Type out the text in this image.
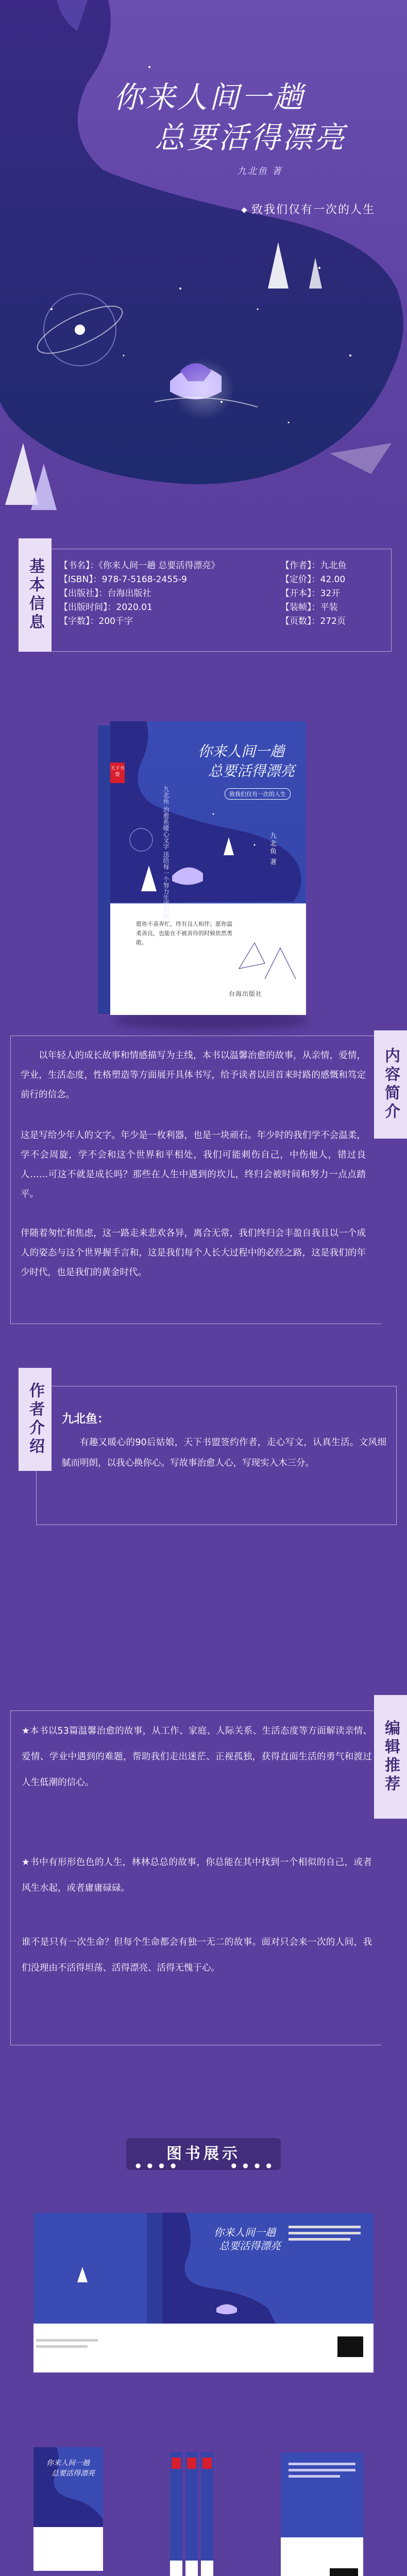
你来人间一趟
总要活得漂亮
九北鱼 著
致我们仅有一次的人生
基本信息	【书名】：《你来人间一趟 总要活得漂亮》	【作者】：九北鱼
【ISBN】：978-7-5168-2455-9	【定价】：42.00
【出版社】：台海出版社	【开本】：32开
【出版时间】：2020.01	【装帧】：平装
【字数】：200千字	【页数】：272页
天下书盟
你来人间一趟
总要活得漂亮
致我们仅有一次的人生
九北鱼 治愈系暖心文字 送给每一个努力生活的你	九北鱼 著
愿你不喜奔忙，终有良人相伴；愿你温柔善良，也能在不被善待的时候依然勇敢。
台海出版社
内容简介

以年轻人的成长故事和情感描写为主线，本书以温馨治愈的故事，从亲情，爱情，学业，生活态度，性格塑造等方面展开具体书写，给予读者以回首来时路的感慨和笃定前行的信念。

这是写给少年人的文字。年少是一枚利器，也是一块顽石。年少时的我们学不会温柔，学不会周旋，学不会和这个世界和平相处，我们可能刺伤自己，中伤他人，错过良人……可这不就是成长吗？那些在人生中遇到的坎儿，终归会被时间和努力一点点踏平。

伴随着匆忙和焦虑，这一路走来悲欢各异，离合无常，我们终归会丰盈自我且以一个成人的姿态与这个世界握手言和，这是我们每个人长大过程中的必经之路，这是我们的年少时代，也是我们的黄金时代。

作者介绍	九北鱼：

有趣又暖心的90后姑娘，天下书盟签约作者，走心写文，认真生活。文风细腻而明朗，以我心换你心。写故事治愈人心，写现实入木三分。

编辑推荐

★本书以53篇温馨治愈的故事，从工作、家庭、人际关系、生活态度等方面解读亲情、爱情、学业中遇到的难题，帮助我们走出迷茫、正视孤独，获得直面生活的勇气和渡过人生低潮的信心。

★书中有形形色色的人生，林林总总的故事，你总能在其中找到一个相似的自己，或者风生水起，或者庸庸碌碌。

谁不是只有一次生命？但每个生命都会有独一无二的故事。面对只会来一次的人间，我们没理由不活得坦荡、活得漂亮、活得无愧于心。

● ● ● ●
图书展示
● ● ● ●
你来人间一趟
总要活得漂亮
你来人间一趟
总要活得漂亮
